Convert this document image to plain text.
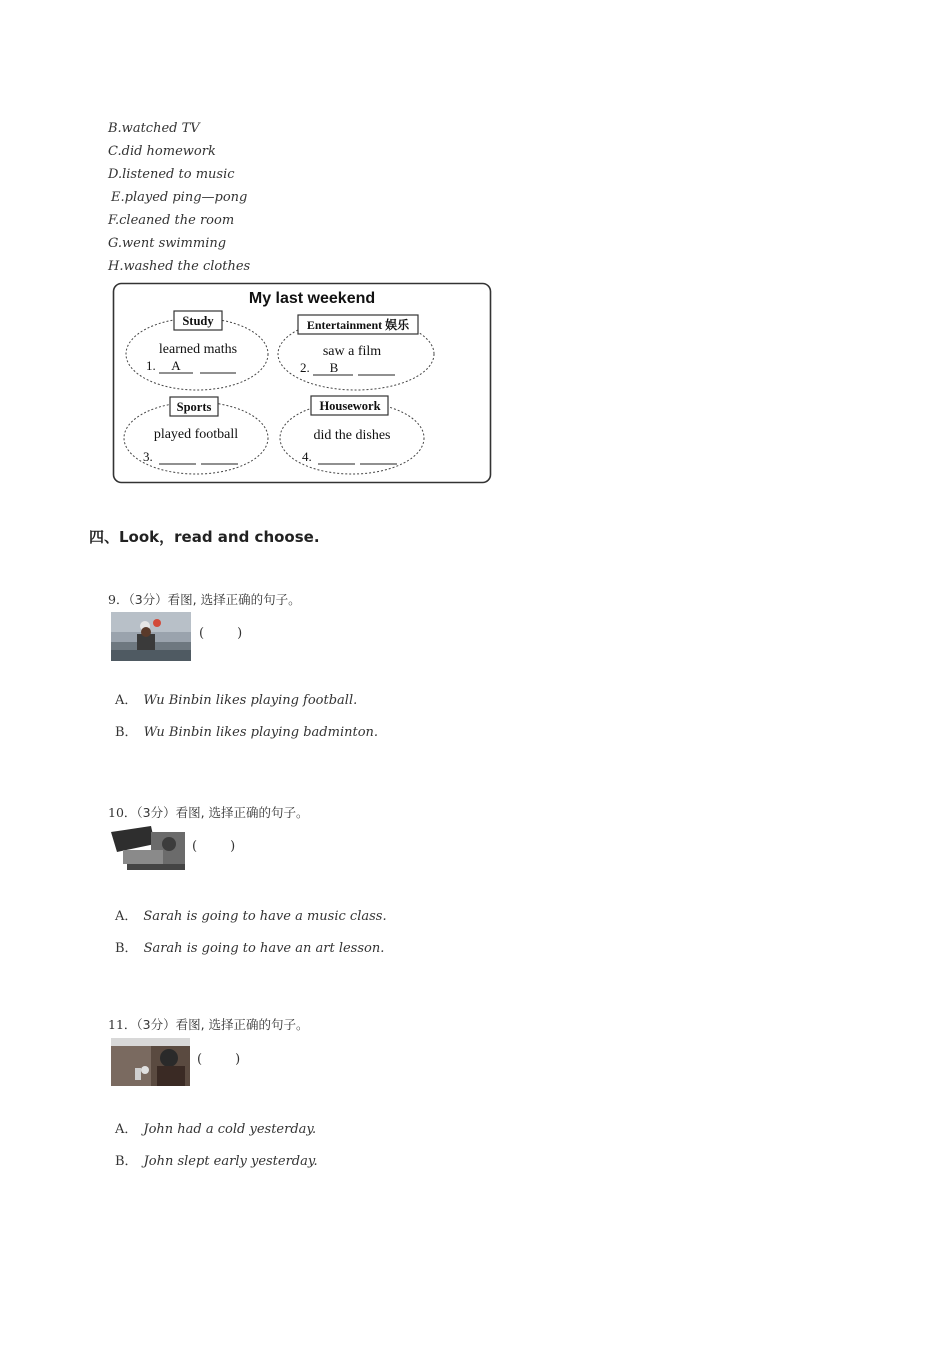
B.watched TV
C.did homework
D.listened to music
E.played ping—pong
F.cleaned the room
G.went swimming
H.washed the clothes
My last weekend
Study
learned maths
1. A
Entertainment 娱乐
saw a film
2. B
Sports
played football
3.
Housework
did the dishes
4.
四、Look，read and choose.
9．（3分）看图, 选择正确的句子。
(        )
A． Wu Binbin likes playing football.
B． Wu Binbin likes playing badminton.
10．（3分）看图, 选择正确的句子。
(        )
A． Sarah is going to have a music class.
B． Sarah is going to have an art lesson.
11．（3分）看图, 选择正确的句子。
(        )
A． John had a cold yesterday.
B． John slept early yesterday.
